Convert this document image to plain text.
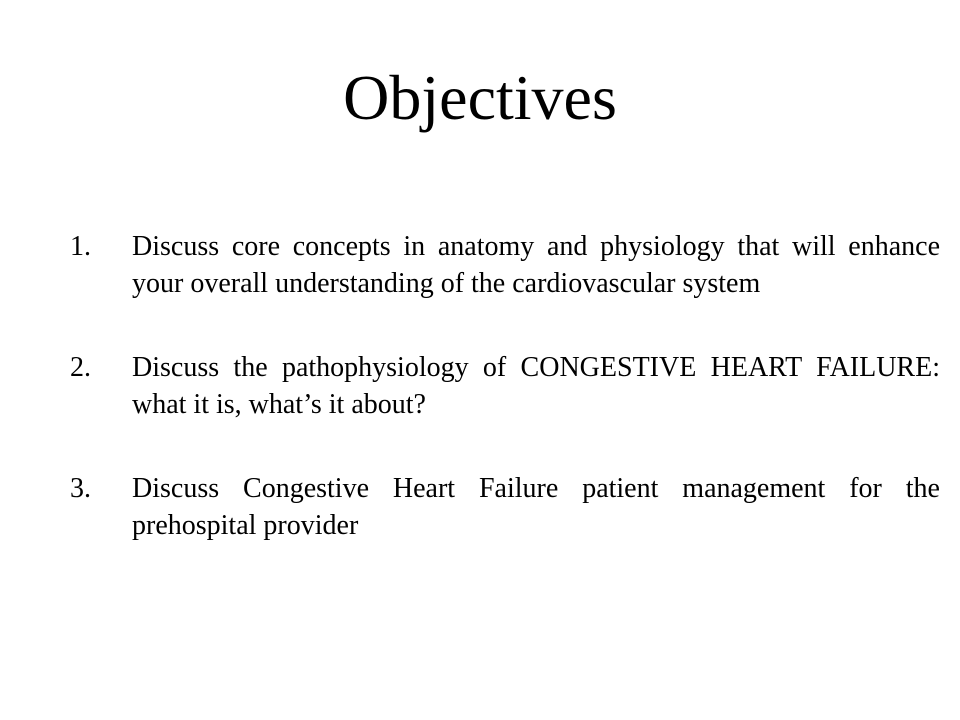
Objectives
1. Discuss core concepts in anatomy and physiology that will enhance your overall understanding of the cardiovascular system
2. Discuss the pathophysiology of CONGESTIVE HEART FAILURE: what it is, what’s it about?
3. Discuss Congestive Heart Failure patient management for the prehospital provider
